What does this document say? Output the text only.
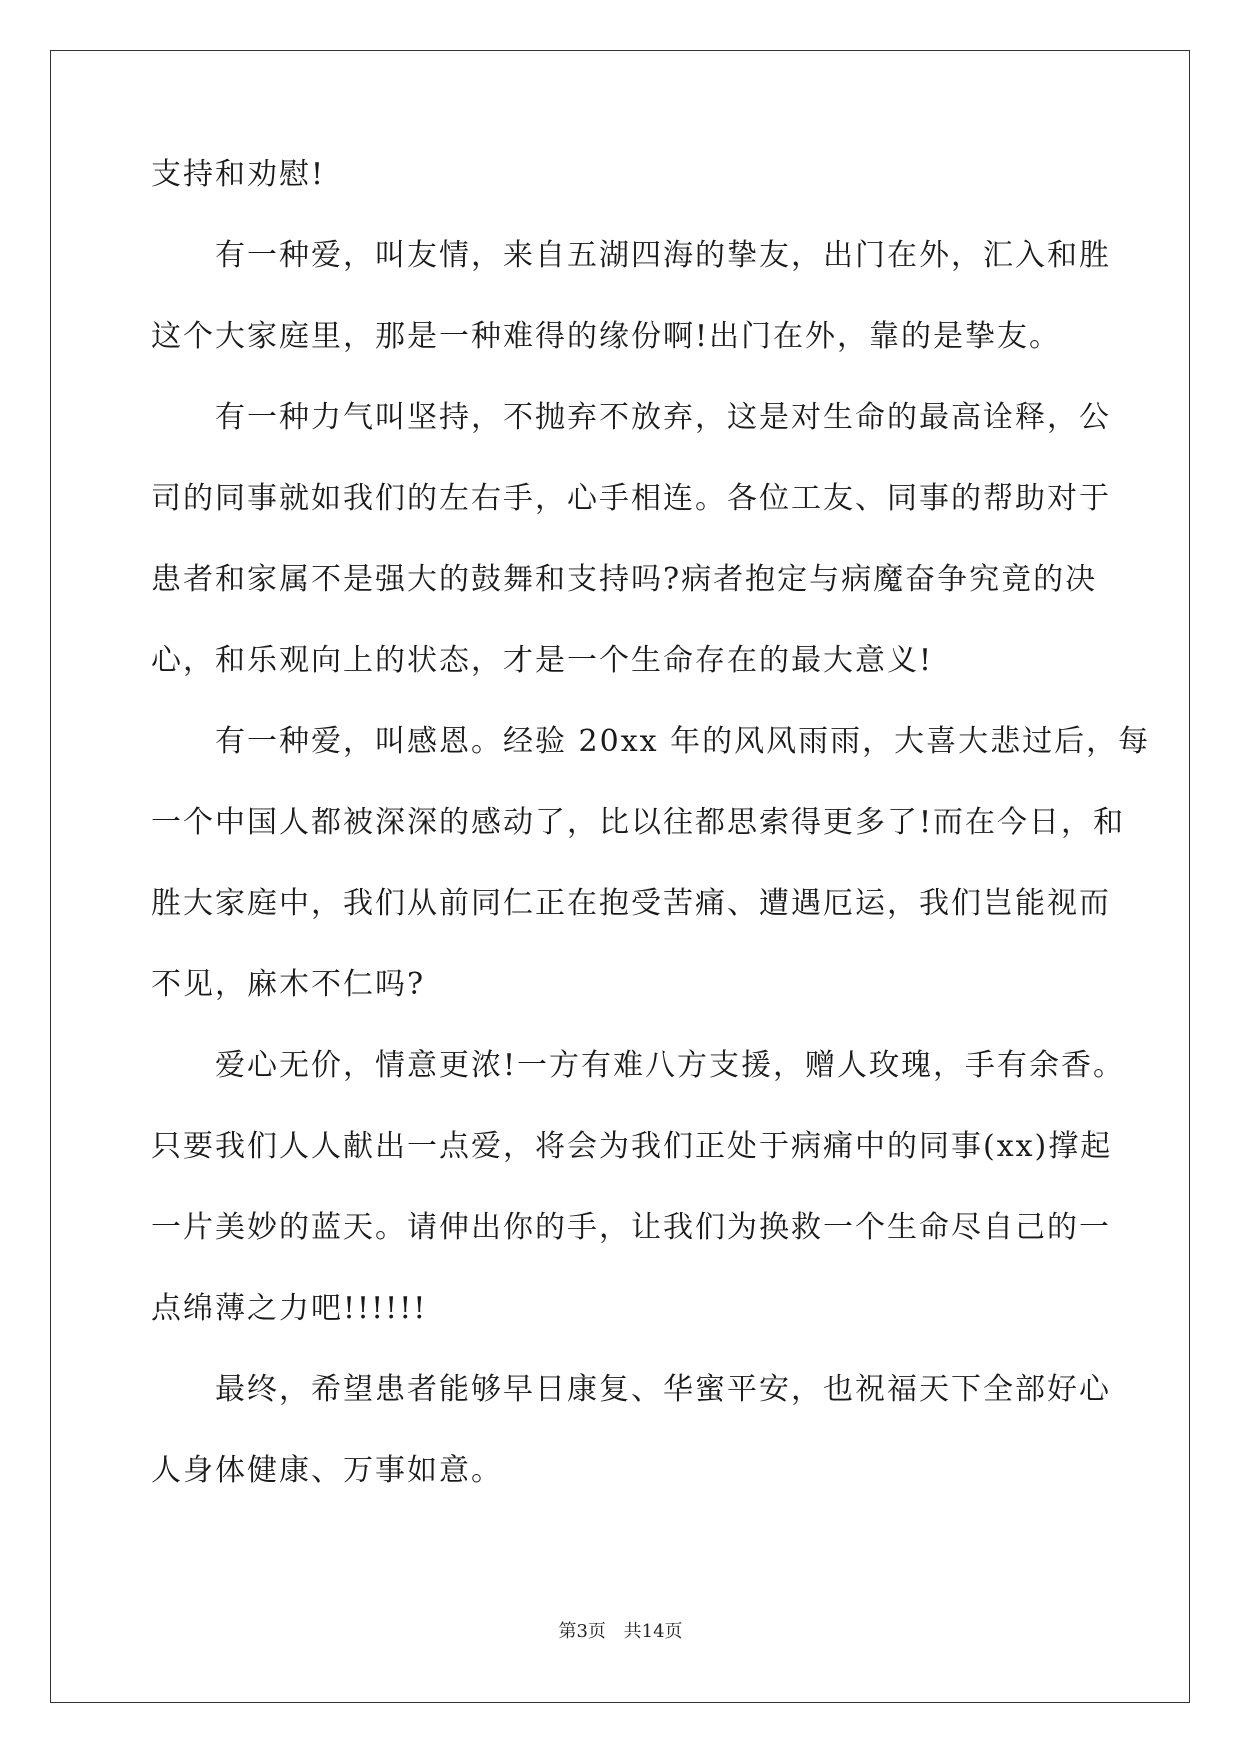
支持和劝慰!
有一种爱，叫友情，来自五湖四海的挚友，出门在外，汇入和胜
这个大家庭里，那是一种难得的缘份啊!出门在外，靠的是挚友。
有一种力气叫坚持，不抛弃不放弃，这是对生命的最高诠释，公
司的同事就如我们的左右手，心手相连。各位工友、同事的帮助对于
患者和家属不是强大的鼓舞和支持吗?病者抱定与病魔奋争究竟的决
心，和乐观向上的状态，才是一个生命存在的最大意义!
有一种爱，叫感恩。经验 20xx 年的风风雨雨，大喜大悲过后，每
一个中国人都被深深的感动了，比以往都思索得更多了!而在今日，和
胜大家庭中，我们从前同仁正在抱受苦痛、遭遇厄运，我们岂能视而
不见，麻木不仁吗?
爱心无价，情意更浓!一方有难八方支援，赠人玫瑰，手有余香。
只要我们人人献出一点爱，将会为我们正处于病痛中的同事(xx)撑起
一片美妙的蓝天。请伸出你的手，让我们为换救一个生命尽自己的一
点绵薄之力吧!!!!!!
最终，希望患者能够早日康复、华蜜平安，也祝福天下全部好心
人身体健康、万事如意。
第3页 共14页
